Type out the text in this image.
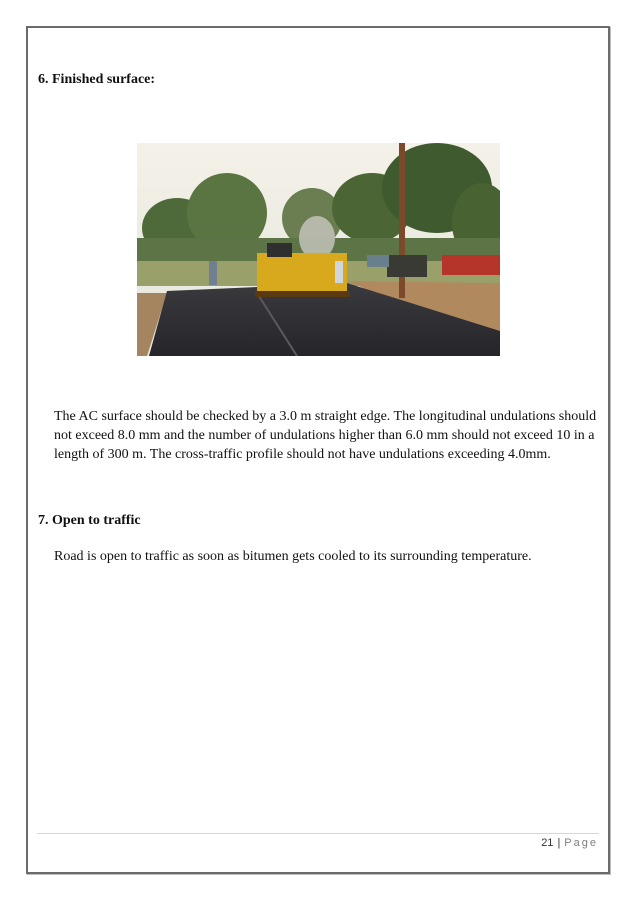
6. Finished surface:

The AC surface should be checked by a 3.0 m straight edge. The longitudinal undulations should not exceed 8.0 mm and the number of undulations higher than 6.0 mm should not exceed 10 in a length of 300 m. The cross-traffic profile should not have undulations exceeding 4.0mm.

7. Open to traffic

Road is open to traffic as soon as bitumen gets cooled to its surrounding temperature.

21 | Page
